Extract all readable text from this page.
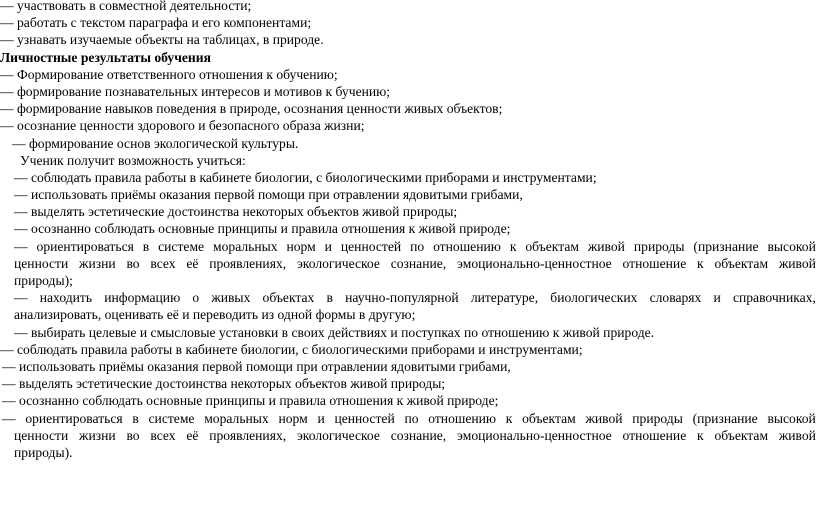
— участвовать в совместной деятельности;
— работать с текстом параграфа и его компонентами;
— узнавать изучаемые объекты на таблицах, в природе.
Личностные результаты обучения
— Формирование ответственного отношения к обучению;
— формирование познавательных интересов и мотивов к бучению;
— формирование навыков поведения в природе, осознания ценности живых объектов;
— осознание ценности здорового и безопасного образа жизни;
— формирование основ экологической культуры.
Ученик получит возможность учиться:
— соблюдать правила работы в кабинете биологии, с биологическими приборами и инструментами;
— использовать приёмы оказания первой помощи при отравлении ядовитыми грибами,
— выделять эстетические достоинства некоторых объектов живой природы;
— осознанно соблюдать основные принципы и правила отношения к живой природе;
— ориентироваться в системе моральных норм и ценностей по отношению к объектам живой природы (признание высокой
ценности жизни во всех её проявлениях, экологическое сознание, эмоционально-ценностное отношение к объектам живой
природы);
— находить информацию о живых объектах в научно-популярной литературе, биологических словарях и справочниках,
анализировать, оценивать её и переводить из одной формы в другую;
— выбирать целевые и смысловые установки в своих действиях и поступках по отношению к живой природе.
— соблюдать правила работы в кабинете биологии, с биологическими приборами и инструментами;
— использовать приёмы оказания первой помощи при отравлении ядовитыми грибами,
— выделять эстетические достоинства некоторых объектов живой природы;
— осознанно соблюдать основные принципы и правила отношения к живой природе;
— ориентироваться в системе моральных норм и ценностей по отношению к объектам живой природы (признание высокой
ценности жизни во всех её проявлениях, экологическое сознание, эмоционально-ценностное отношение к объектам живой
природы).
